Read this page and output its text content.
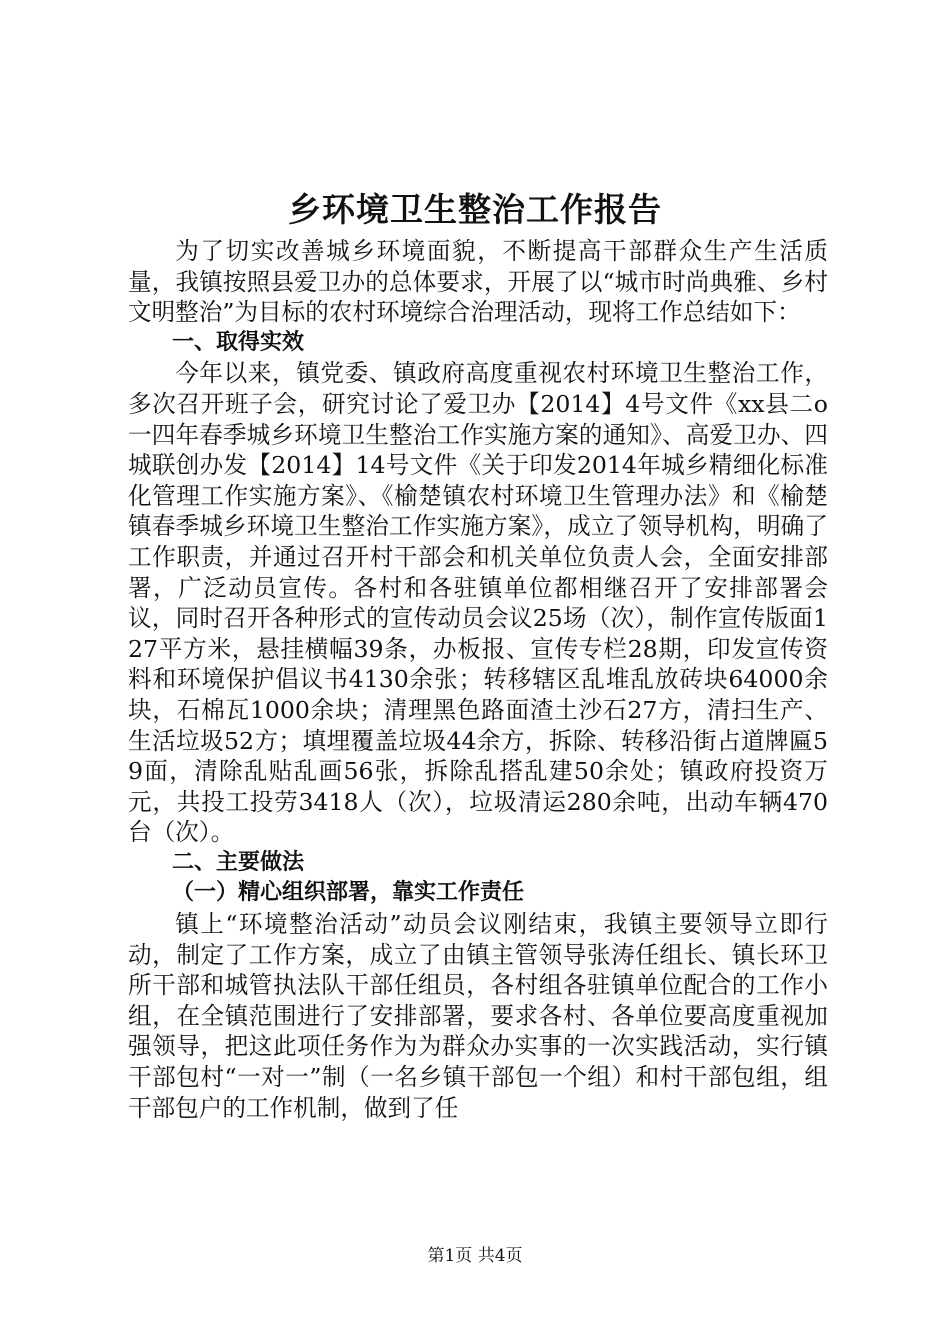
乡环境卫生整治工作报告

为了切实改善城乡环境面貌，不断提高干部群众生产生活质量，我镇按照县爱卫办的总体要求，开展了以“城市时尚典雅、乡村文明整治”为目标的农村环境综合治理活动，现将工作总结如下：

一、取得实效

今年以来，镇党委、镇政府高度重视农村环境卫生整治工作，多次召开班子会，研究讨论了爱卫办【2014】4号文件《xx县二o一四年春季城乡环境卫生整治工作实施方案的通知》、高爱卫办、四城联创办发【2014】14号文件《关于印发2014年城乡精细化标准化管理工作实施方案》、《榆楚镇农村环境卫生管理办法》和《榆楚镇春季城乡环境卫生整治工作实施方案》，成立了领导机构，明确了工作职责，并通过召开村干部会和机关单位负责人会，全面安排部署，广泛动员宣传。各村和各驻镇单位都相继召开了安排部署会议，同时召开各种形式的宣传动员会议25场（次），制作宣传版面127平方米，悬挂横幅39条，办板报、宣传专栏28期，印发宣传资料和环境保护倡议书4130余张；转移辖区乱堆乱放砖块64000余块，石棉瓦1000余块；清理黑色路面渣土沙石27方，清扫生产、生活垃圾52方；填埋覆盖垃圾44余方，拆除、转移沿街占道牌匾59面，清除乱贴乱画56张，拆除乱搭乱建50余处；镇政府投资万元，共投工投劳3418人（次），垃圾清运280余吨，出动车辆470台（次）。

二、主要做法

（一）精心组织部署，靠实工作责任

镇上“环境整治活动”动员会议刚结束，我镇主要领导立即行动，制定了工作方案，成立了由镇主管领导张涛任组长、镇长环卫所干部和城管执法队干部任组员，各村组各驻镇单位配合的工作小组，在全镇范围进行了安排部署，要求各村、各单位要高度重视加强领导，把这此项任务作为为群众办实事的一次实践活动，实行镇干部包村“一对一”制（一名乡镇干部包一个组）和村干部包组，组干部包户的工作机制，做到了任

第1页 共4页
